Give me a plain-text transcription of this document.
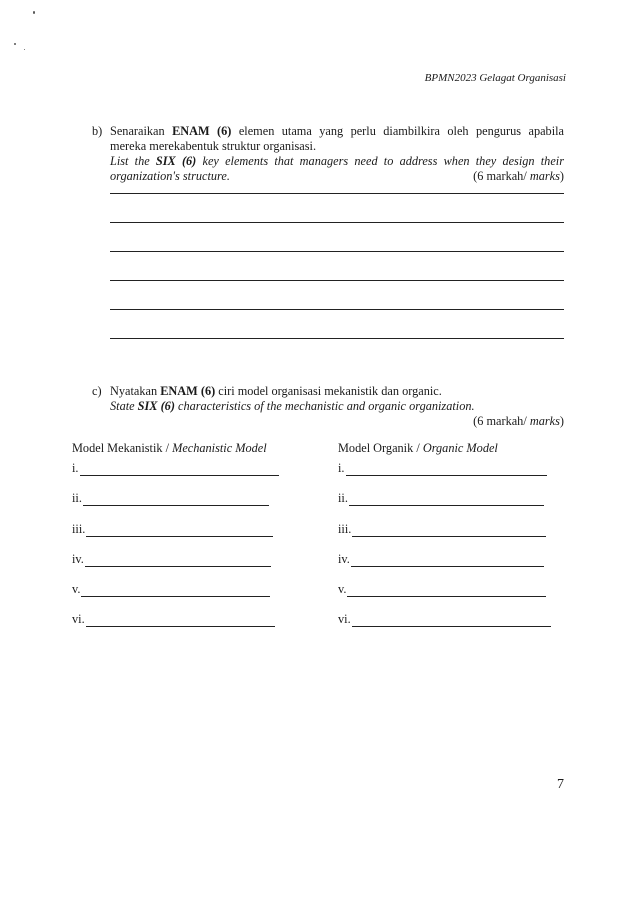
BPMN2023 Gelagat Organisasi
b) Senaraikan ENAM (6) elemen utama yang perlu diambilkira oleh pengurus apabila
mereka merekabentuk struktur organisasi.
List the SIX (6) key elements that managers need to address when they design their
organization's structure.	(6 markah/ marks)
c) Nyatakan ENAM (6) ciri model organisasi mekanistik dan organic.
State SIX (6) characteristics of the mechanistic and organic organization.
(6 markah/ marks)
Model Mekanistik / Mechanistic Model	Model Organik / Organic Model
i.
ii.
iii.
iv.
v.
vi.
i.
ii.
iii.
iv.
v.
vi.
7
